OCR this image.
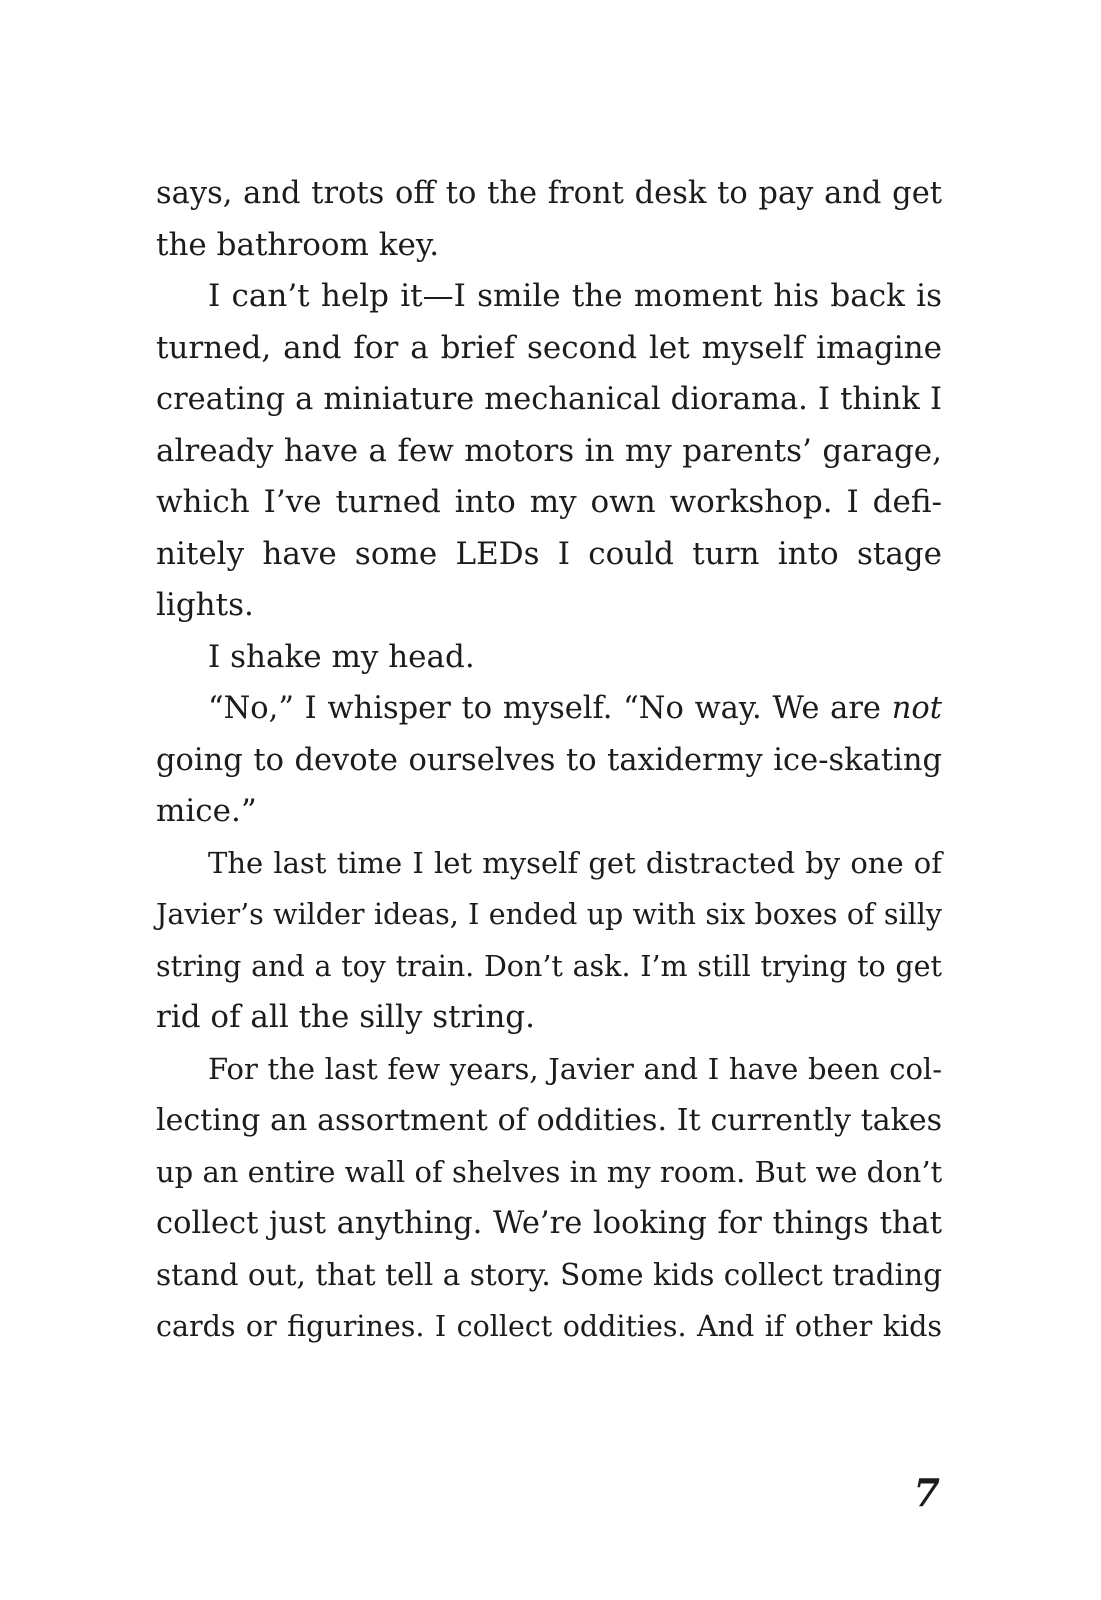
says, and trots off to the front desk to pay and get
the bathroom key.
I can’t help it—I smile the moment his back is
turned, and for a brief second let myself imagine
creating a miniature mechanical diorama. I think I
already have a few motors in my parents’ garage,
which I’ve turned into my own workshop. I defi-
nitely have some LEDs I could turn into stage
lights.
I shake my head.
“No,” I whisper to myself. “No way. We are not
going to devote ourselves to taxidermy ice-skating
mice.”
The last time I let myself get distracted by one of
Javier’s wilder ideas, I ended up with six boxes of silly
string and a toy train. Don’t ask. I’m still trying to get
rid of all the silly string.
For the last few years, Javier and I have been col-
lecting an assortment of oddities. It currently takes
up an entire wall of shelves in my room. But we don’t
collect just anything. We’re looking for things that
stand out, that tell a story. Some kids collect trading
cards or figurines. I collect oddities. And if other kids
7
